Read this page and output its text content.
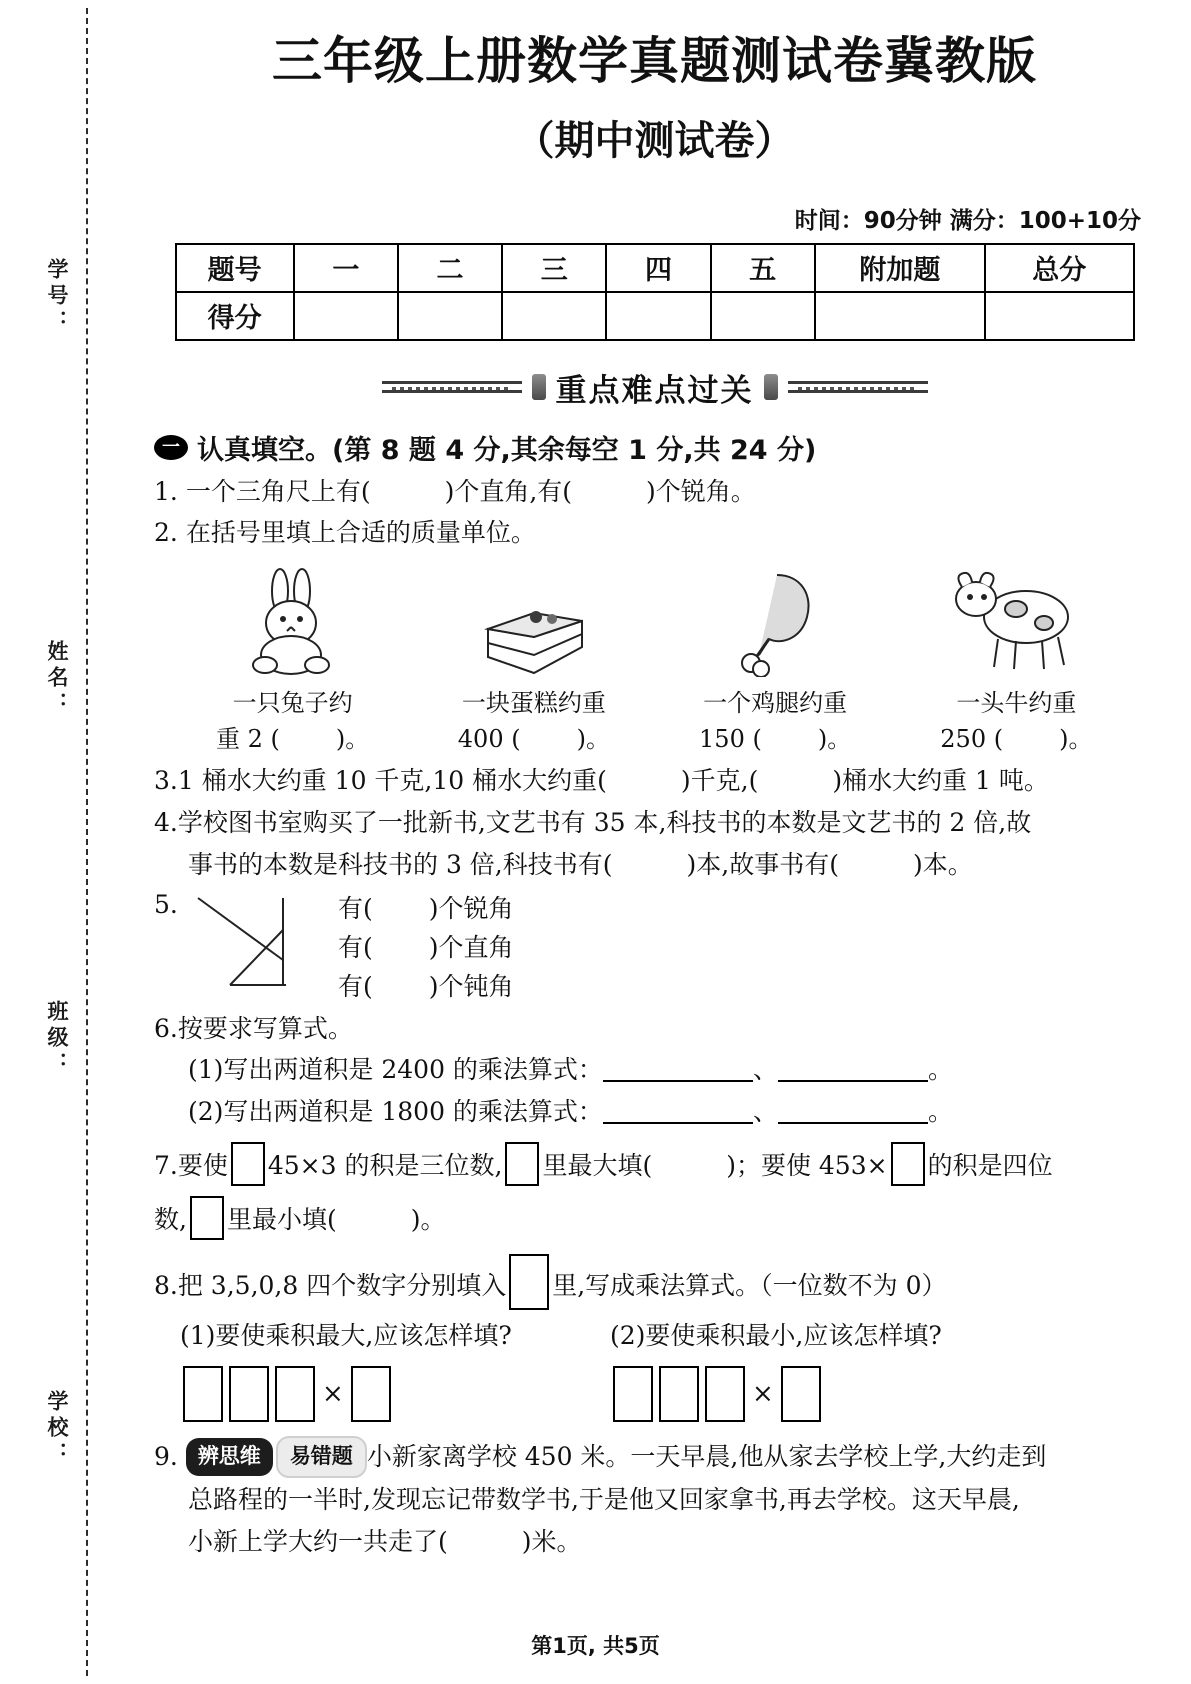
学号：
姓名：
班级：
学校：
三年级上册数学真题测试卷冀教版
（期中测试卷）
时间：90分钟 满分：100+10分
题号	一	二	三	四	五	附加题	总分
得分							
重点难点过关
一 认真填空。(第 8 题 4 分,其余每空 1 分,共 24 分)
1. 一个三角尺上有(	)个直角,有(	)个锐角。
2. 在括号里填上合适的质量单位。
一只兔子约	一块蛋糕约重	一个鸡腿约重	一头牛约重
重 2 ( )。	400 ( )。	150 ( )。	250 ( )。
3.1 桶水大约重 10 千克,10 桶水大约重(	)千克,(	)桶水大约重 1 吨。
4.学校图书室购买了一批新书,文艺书有 35 本,科技书的本数是文艺书的 2 倍,故
事书的本数是科技书的 3 倍,科技书有(	)本,故事书有(	)本。
5.	有( )个锐角
有( )个直角
有( )个钝角
6.按要求写算式。
(1)写出两道积是 2400 的乘法算式：	、	。
(2)写出两道积是 1800 的乘法算式：	、	。
7.要使 45×3 的积是三位数, 里最大填(	)；要使 453× 的积是四位
数, 里最小填(	)。
8.把 3,5,0,8 四个数字分别填入 里,写成乘法算式。（一位数不为 0）
(1)要使乘积最大,应该怎样填?	(2)要使乘积最小,应该怎样填?
×	×
9. 辨思维 易错题 小新家离学校 450 米。一天早晨,他从家去学校上学,大约走到
总路程的一半时,发现忘记带数学书,于是他又回家拿书,再去学校。这天早晨,
小新上学大约一共走了(	)米。
第1页, 共5页
